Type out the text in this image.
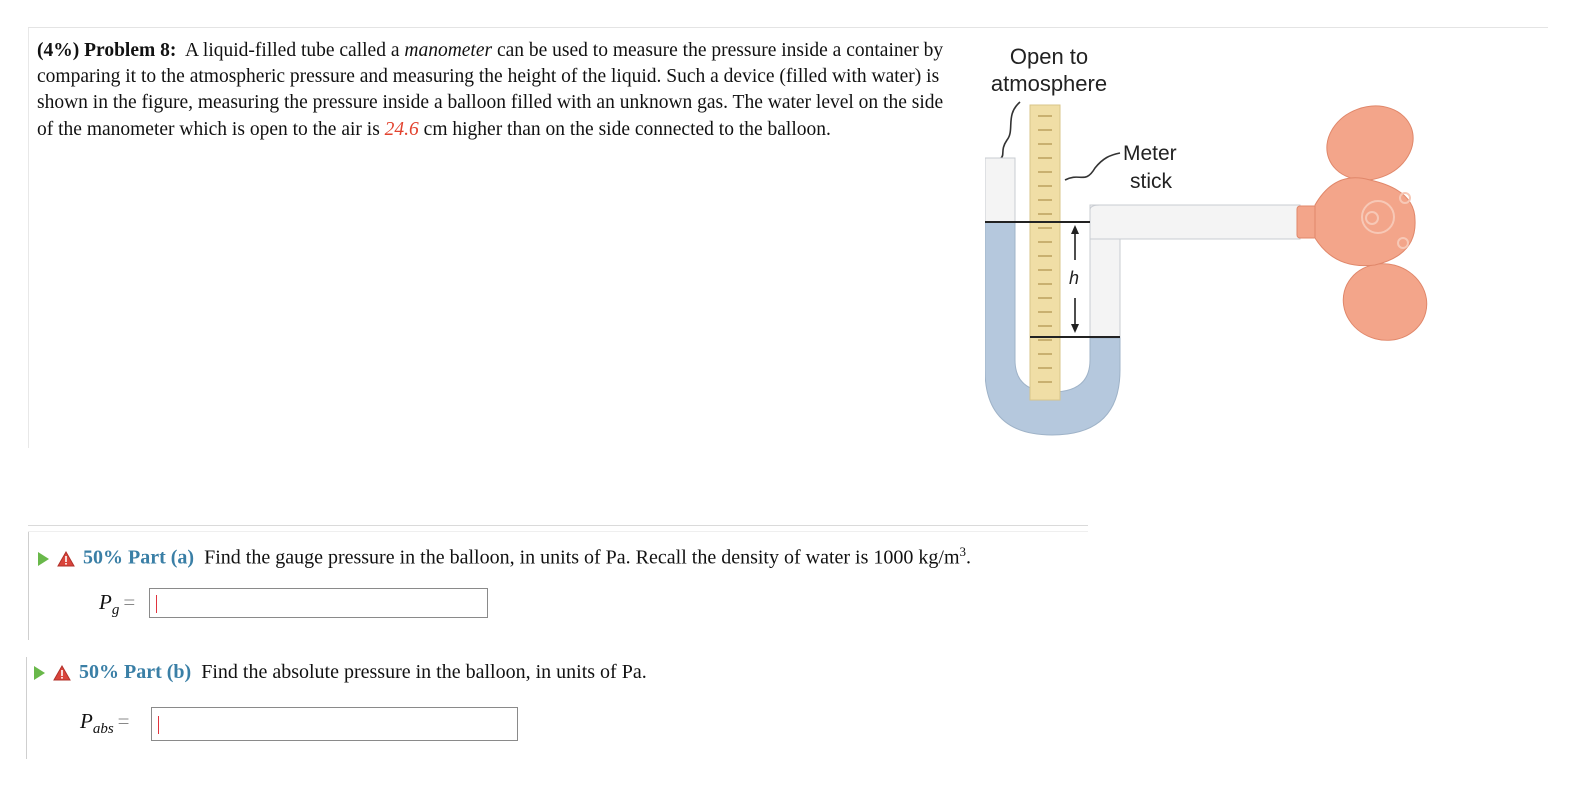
(4%) Problem 8: A liquid-filled tube called a manometer can be used to measure the pressure inside a container by comparing it to the atmospheric pressure and measuring the height of the liquid. Such a device (filled with water) is shown in the figure, measuring the pressure inside a balloon filled with an unknown gas. The water level on the side of the manometer which is open to the air is 24.6 cm higher than on the side connected to the balloon.
Open to
atmosphere
Meter
stick
h
50% Part (a) Find the gauge pressure in the balloon, in units of Pa. Recall the density of water is 1000 $kg/m^3$.
$P_g$ =
50% Part (b) Find the absolute pressure in the balloon, in units of Pa.
$P_{abs}$ =
